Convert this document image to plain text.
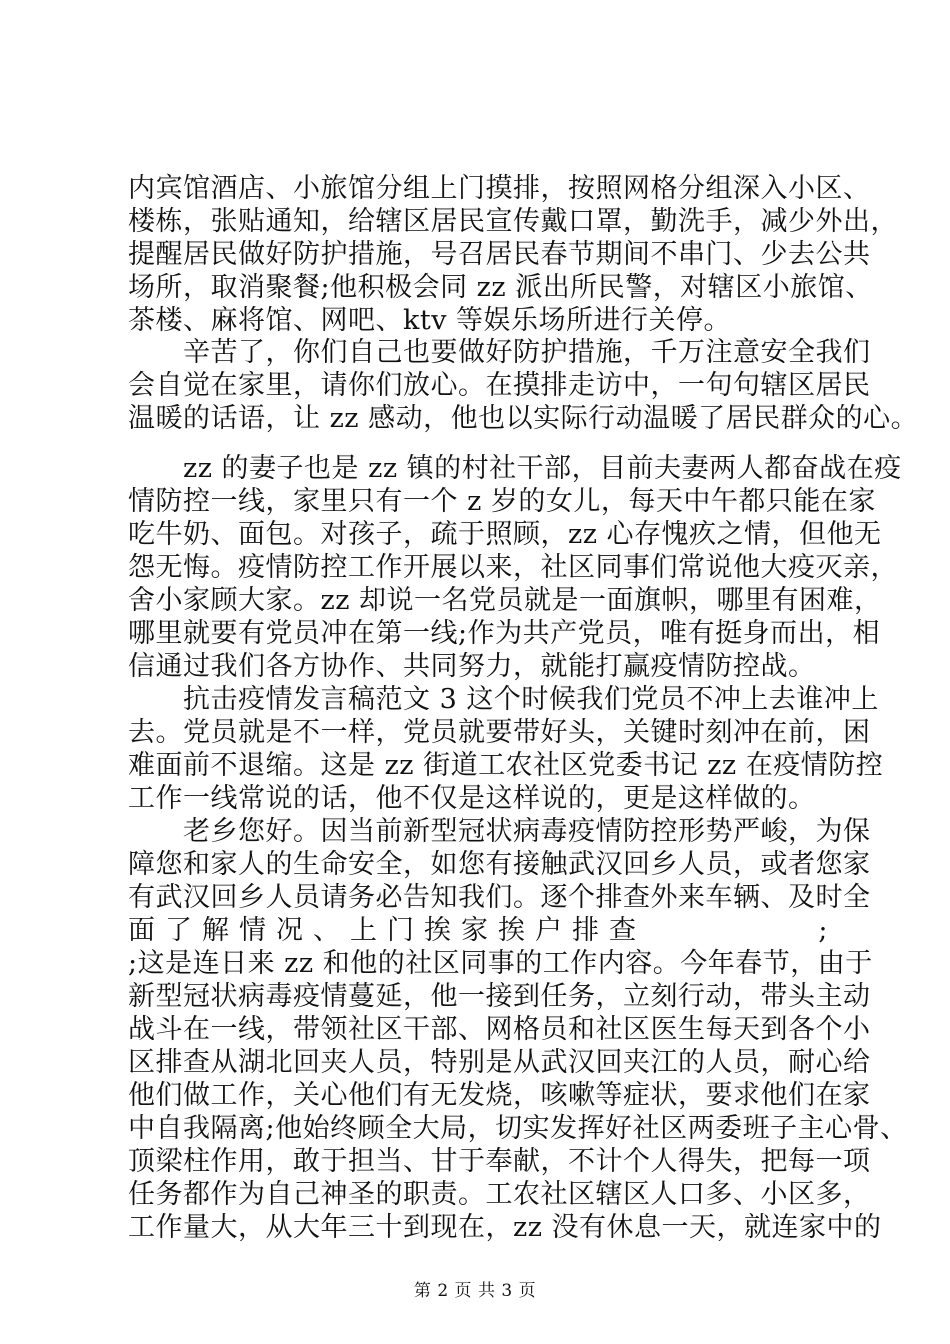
内宾馆酒店、小旅馆分组上门摸排，按照网格分组深入小区、
楼栋，张贴通知，给辖区居民宣传戴口罩，勤洗手，减少外出，
提醒居民做好防护措施，号召居民春节期间不串门、少去公共
场所，取消聚餐;他积极会同 zz 派出所民警，对辖区小旅馆、
茶楼、麻将馆、网吧、ktv 等娱乐场所进行关停。
　　辛苦了，你们自己也要做好防护措施，千万注意安全我们
会自觉在家里，请你们放心。在摸排走访中，一句句辖区居民
温暖的话语，让 zz 感动，他也以实际行动温暖了居民群众的心。
　　zz 的妻子也是 zz 镇的村社干部，目前夫妻两人都奋战在疫
情防控一线，家里只有一个 z 岁的女儿，每天中午都只能在家
吃牛奶、面包。对孩子，疏于照顾，zz 心存愧疚之情，但他无
怨无悔。疫情防控工作开展以来，社区同事们常说他大疫灭亲，
舍小家顾大家。zz 却说一名党员就是一面旗帜，哪里有困难，
哪里就要有党员冲在第一线;作为共产党员，唯有挺身而出，相
信通过我们各方协作、共同努力，就能打赢疫情防控战。
　　抗击疫情发言稿范文 3 这个时候我们党员不冲上去谁冲上
去。党员就是不一样，党员就要带好头，关键时刻冲在前，困
难面前不退缩。这是 zz 街道工农社区党委书记 zz 在疫情防控
工作一线常说的话，他不仅是这样说的，更是这样做的。
　　老乡您好。因当前新型冠状病毒疫情防控形势严峻，为保
障您和家人的生命安全，如您有接触武汉回乡人员，或者您家
有武汉回乡人员请务必告知我们。逐个排查外来车辆、及时全
面 了 解 情 况 、 上 门 挨 家 挨 户 排 查	;
;这是连日来 zz 和他的社区同事的工作内容。今年春节，由于
新型冠状病毒疫情蔓延，他一接到任务，立刻行动，带头主动
战斗在一线，带领社区干部、网格员和社区医生每天到各个小
区排查从湖北回夹人员，特别是从武汉回夹江的人员，耐心给
他们做工作，关心他们有无发烧，咳嗽等症状，要求他们在家
中自我隔离;他始终顾全大局，切实发挥好社区两委班子主心骨、
顶梁柱作用，敢于担当、甘于奉献，不计个人得失，把每一项
任务都作为自己神圣的职责。工农社区辖区人口多、小区多，
工作量大，从大年三十到现在，zz 没有休息一天，就连家中的
第 2 页 共 3 页
